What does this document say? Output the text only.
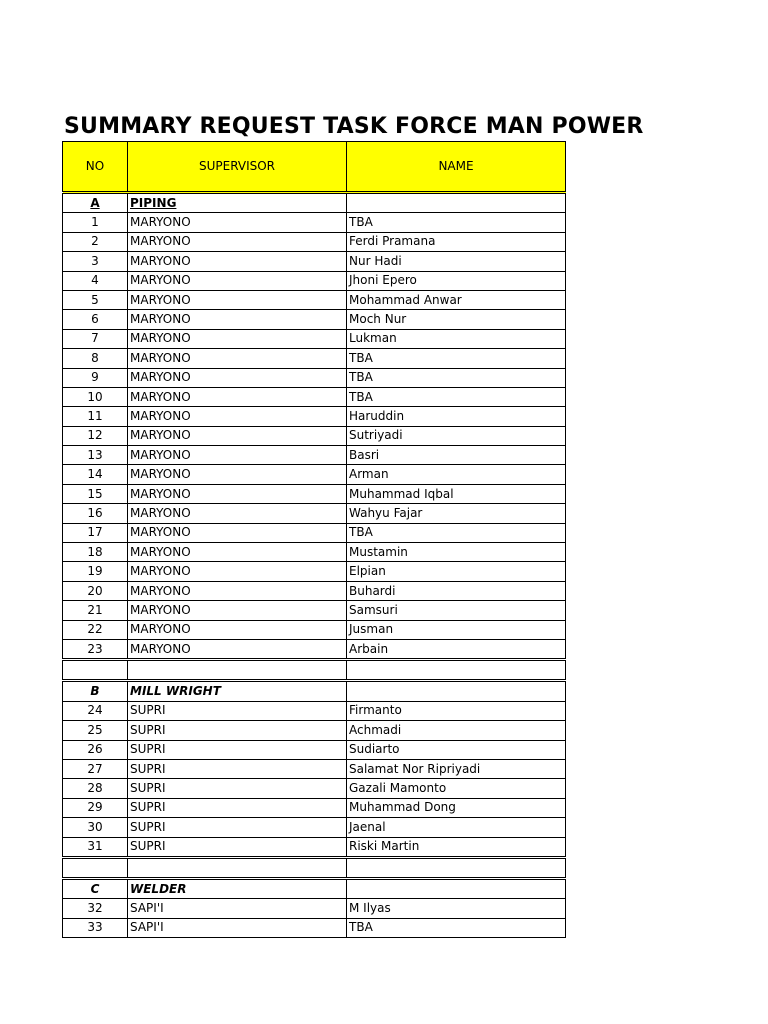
SUMMARY REQUEST TASK FORCE MAN POWER
NO	SUPERVISOR	NAME
A	PIPING	
1	MARYONO	TBA
2	MARYONO	Ferdi Pramana
3	MARYONO	Nur Hadi
4	MARYONO	Jhoni Epero
5	MARYONO	Mohammad Anwar
6	MARYONO	Moch Nur
7	MARYONO	Lukman
8	MARYONO	TBA
9	MARYONO	TBA
10	MARYONO	TBA
11	MARYONO	Haruddin
12	MARYONO	Sutriyadi
13	MARYONO	Basri
14	MARYONO	Arman
15	MARYONO	Muhammad Iqbal
16	MARYONO	Wahyu Fajar
17	MARYONO	TBA
18	MARYONO	Mustamin
19	MARYONO	Elpian
20	MARYONO	Buhardi
21	MARYONO	Samsuri
22	MARYONO	Jusman
23	MARYONO	Arbain

B	MILL WRIGHT	
24	SUPRI	Firmanto
25	SUPRI	Achmadi
26	SUPRI	Sudiarto
27	SUPRI	Salamat Nor Ripriyadi
28	SUPRI	Gazali Mamonto
29	SUPRI	Muhammad Dong
30	SUPRI	Jaenal
31	SUPRI	Riski Martin

C	WELDER	
32	SAPI'I	M Ilyas
33	SAPI'I	TBA
